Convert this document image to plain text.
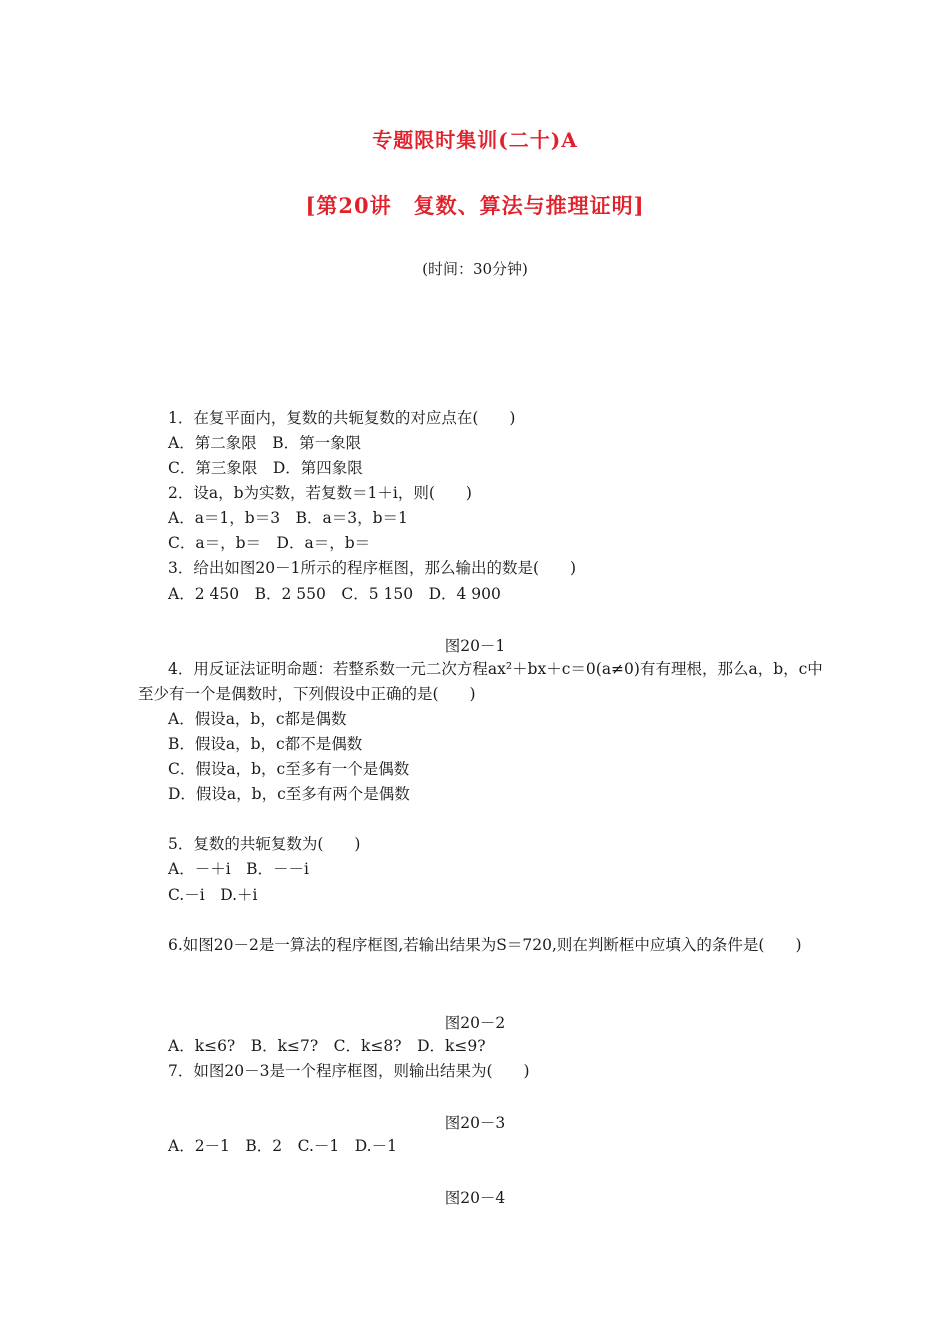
专题限时集训(二十)A
[第20讲　复数、算法与推理证明]
(时间：30分钟)
1．在复平面内，复数的共轭复数的对应点在(　　)
A．第二象限　B．第一象限
C．第三象限　D．第四象限
2．设a，b为实数，若复数＝1＋i，则(　　)
A．a＝1，b＝3　B．a＝3，b＝1
C．a＝，b＝　D．a＝，b＝
3．给出如图20－1所示的程序框图，那么输出的数是(　　)
A．2 450　B．2 550　C．5 150　D．4 900
图20－1
4．用反证法证明命题：若整系数一元二次方程ax²＋bx＋c＝0(a≠0)有有理根，那么a，b，c中至少有一个是偶数时，下列假设中正确的是(　　)
A．假设a，b，c都是偶数
B．假设a，b，c都不是偶数
C．假设a，b，c至多有一个是偶数
D．假设a，b，c至多有两个是偶数
5．复数的共轭复数为(　　)
A．－＋i　B．－－i
C.－i　D.＋i
6.如图20－2是一算法的程序框图,若输出结果为S＝720,则在判断框中应填入的条件是(　　)
图20－2
A．k≤6?　B．k≤7?　C．k≤8?　D．k≤9?
7．如图20－3是一个程序框图，则输出结果为(　　)
图20－3
A．2－1　B．2　C.－1　D.－1
图20－4
